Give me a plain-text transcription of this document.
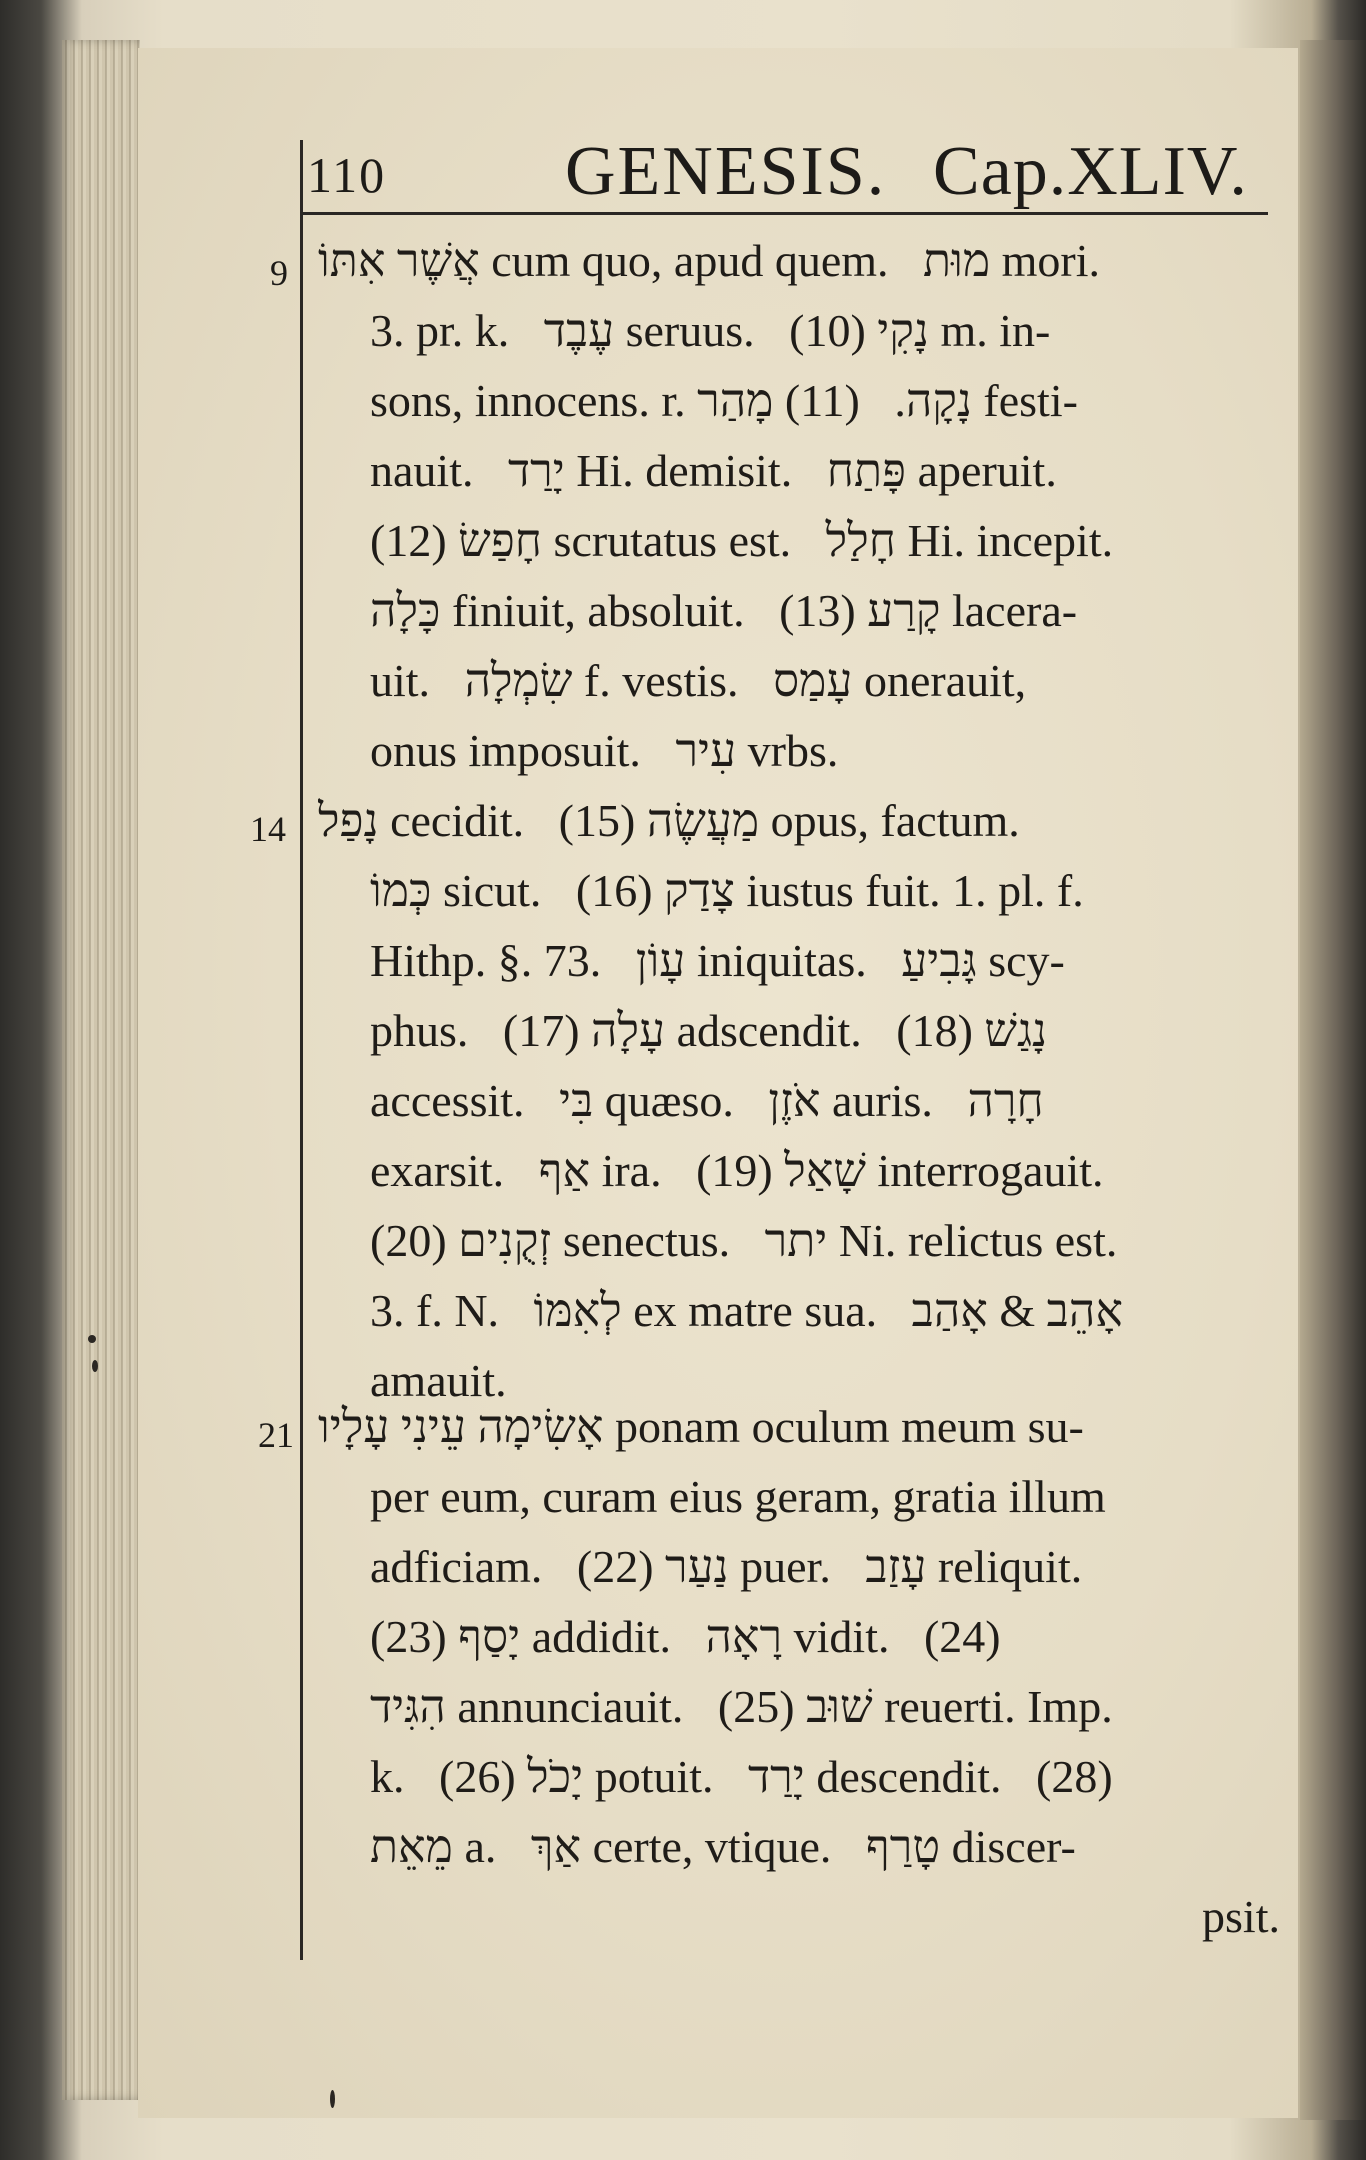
110	GENESIS. Cap.XLIV.
9
14
21
אֲשֶׁר אִתּוֹ cum quo, apud quem.   מוּת mori.
3. pr. k.   עֶבֶד seruus.   (10) נָקִי m. in-
sons, innocens. r. נָקָה.   (11) מָהַר festi-
nauit.   יָרַד Hi. demisit.   פָּתַח aperuit.
(12) חָפַשׂ scrutatus est.   חָלַל Hi. incepit.
כָּלָה finiuit, absoluit.   (13) קָרַע lacera-
uit.   שִׂמְלָה f. vestis.   עָמַס onerauit,
onus imposuit.   עִיר vrbs.
נָפַל cecidit.   (15) מַעֲשֶׂה opus, factum.
כְּמוֹ sicut.   (16) צָדַק iustus fuit. 1. pl. f.
Hithp. §. 73.   עָוֹן iniquitas.   גָּבִיעַ scy-
phus.   (17) עָלָה adscendit.   (18) נָגַשׁ
accessit.   בִּי quæso.   אֹזֶן auris.   חָרָה
exarsit.   אַף ira.   (19) שָׁאַל interrogauit.
(20) זְקֻנִים senectus.   יתר Ni. relictus est.
3. f. N.   לְאִמּוֹ ex matre sua.   אָהֵב & אָהַב
amauit.
אָשִׂימָה עֵינִי עָלָיו ponam oculum meum su-
per eum, curam eius geram, gratia illum
adficiam.   (22) נַעַר puer.   עָזַב reliquit.
(23) יָסַף addidit.   רָאָה vidit.   (24)
הִגִּיד annunciauit.   (25) שׁוּב reuerti. Imp.
k.   (26) יָכֹל potuit.   יָרַד descendit.   (28)
מֵאֵת a.   אַךְ certe, vtique.   טָרַף discer-
psit.
